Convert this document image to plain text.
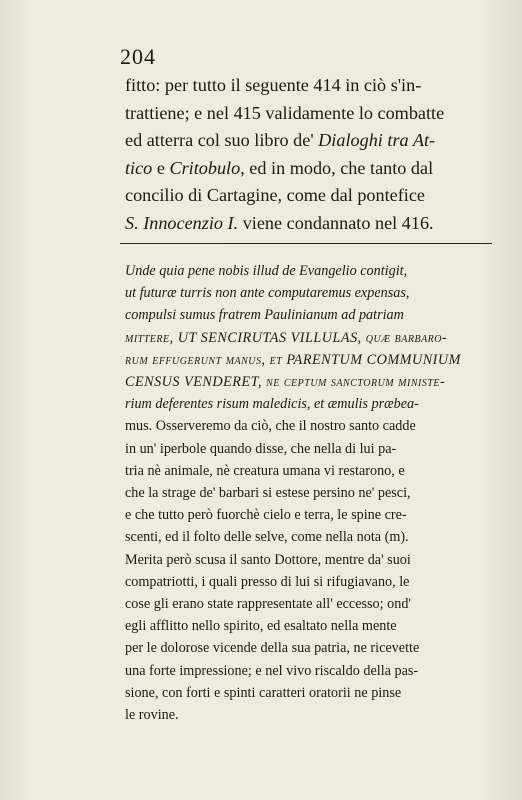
204
fitto: per tutto il seguente 414 in ciò s'in-
trattiene; e nel 415 validamente lo combatte
ed atterra col suo libro de' Dialoghi tra At-
tico e Critobulo , ed in modo, che tanto dal
concilio di Cartagine, come dal pontefice
S. Innocenzio I. viene condannato nel 416.
Unde quia pene nobis illud de Evangelio contigit,
ut futuræ turris non ante computaremus expensas,
compulsi sumus fratrem Paulinianum ad patriam
mittere, UT SENCIRUTAS VILLULAS, quæ barbaro-
rum effugerunt manus, et PARENTUM COMMUNIUM
CENSUS VENDERET, ne ceptum sanctorum ministe-
rium deferentes risum maledicis, et æmulis præbea-
mus. Osserveremo da ciò, che il nostro santo cadde
in un' iperbole quando disse, che nella di lui pa-
tria nè animale, nè creatura umana vi restarono, e
che la strage de' barbari si estese persino ne' pesci,
e che tutto però fuorchè cielo e terra, le spine cre-
scenti, ed il folto delle selve, come nella nota (m).
Merita però scusa il santo Dottore, mentre da' suoi
compatriotti, i quali presso di lui si rifugiavano, le
cose gli erano state rappresentate all' eccesso; ond'
egli afflitto nello spirito, ed esaltato nella mente
per le dolorose vicende della sua patria, ne ricevette
una forte impressione; e nel vivo riscaldo della pas-
sione, con forti e spinti caratteri oratorii ne pinse
le rovine.
